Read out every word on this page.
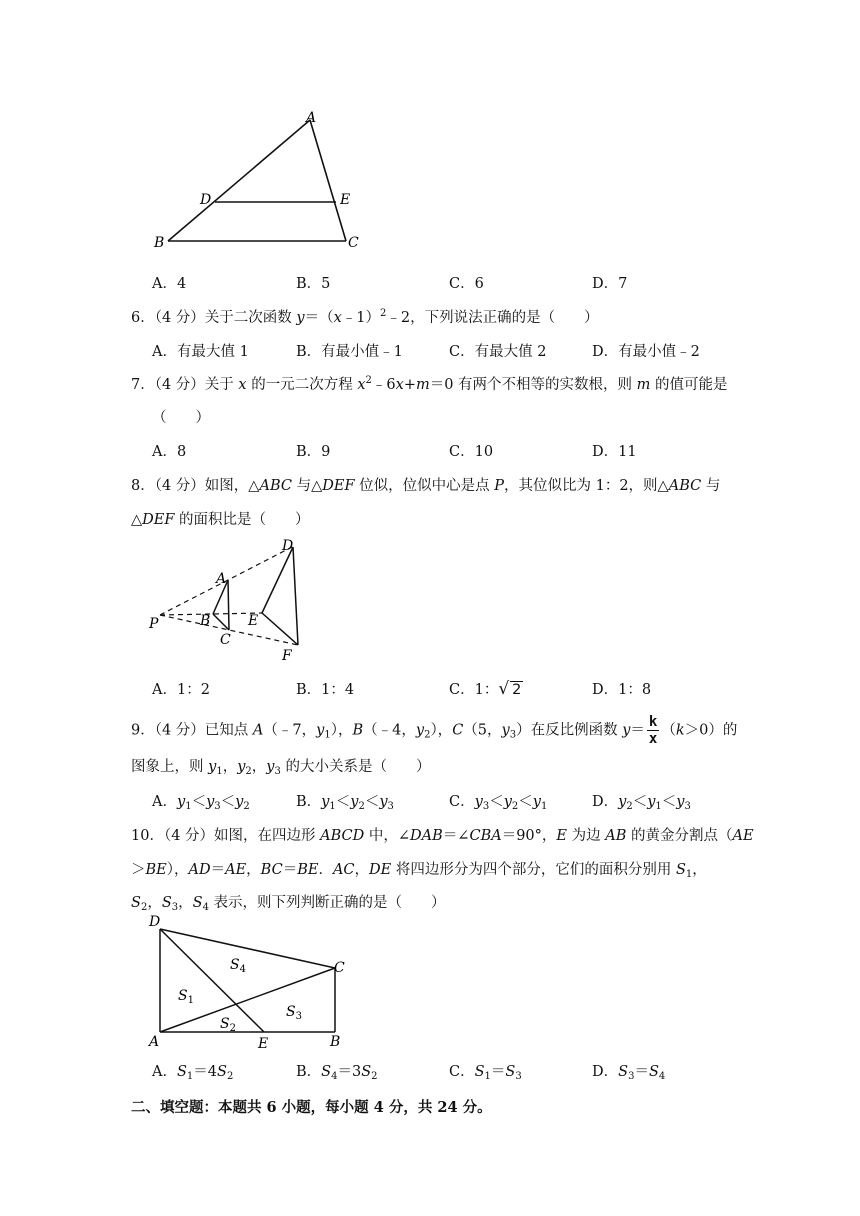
A
D	E
B	C
A．4	B．5	C．6	D．7
6．（4 分）关于二次函数 y＝（x﹣1）$^2$﹣2，下列说法正确的是（　　）
A．有最大值 1	B．有最小值﹣1	C．有最大值 2	D．有最小值﹣2
7．（4 分）关于 x 的一元二次方程 $x^2﹣6x+m=0$ 有两个不相等的实数根，则 m 的值可能是
（　　）
A．8	B．9	C．10	D．11
8．（4 分）如图，△ABC 与△DEF 位似，位似中心是点 P，其位似比为 1：2，则△ABC 与
△DEF 的面积比是（　　）
D
A
P	B	E
C
F
A．1：2	B．1：4	C．1：√ 2	D．1：8
9．（4 分）已知点 A（﹣7，$y_1$），B（﹣4，$y_2$），C（5，$y_3$）在反比例函数 $y= \frac{k}{x} (k>0)$的
图象上，则 $y_1$，$y_2$，$y_3$ 的大小关系是（　　）
A．$y_1<y_3<y_2$	B．$y_1<y_2<y_3$	C．$y_3<y_2<y_1$	D．$y_2<y_1<y_3$
10．（4 分）如图，在四边形 ABCD 中，∠DAB＝∠CBA＝90°，E 为边 AB 的黄金分割点（AE
＞BE），AD＝AE，BC＝BE．AC，DE 将四边形分为四个部分，它们的面积分别用 $S_1$，
$S_2$，$S_3$，$S_4$ 表示，则下列判断正确的是（　　）
D
C
$S_4$
$S_1$
$S_2$
$S_3$
A	E	B
A．$S_1=4S_2$	B．$S_4=3S_2$	C．$S_1=S_3$	D．$S_3=S_4$
二、填空题：本题共 6 小题，每小题 4 分，共 24 分。
